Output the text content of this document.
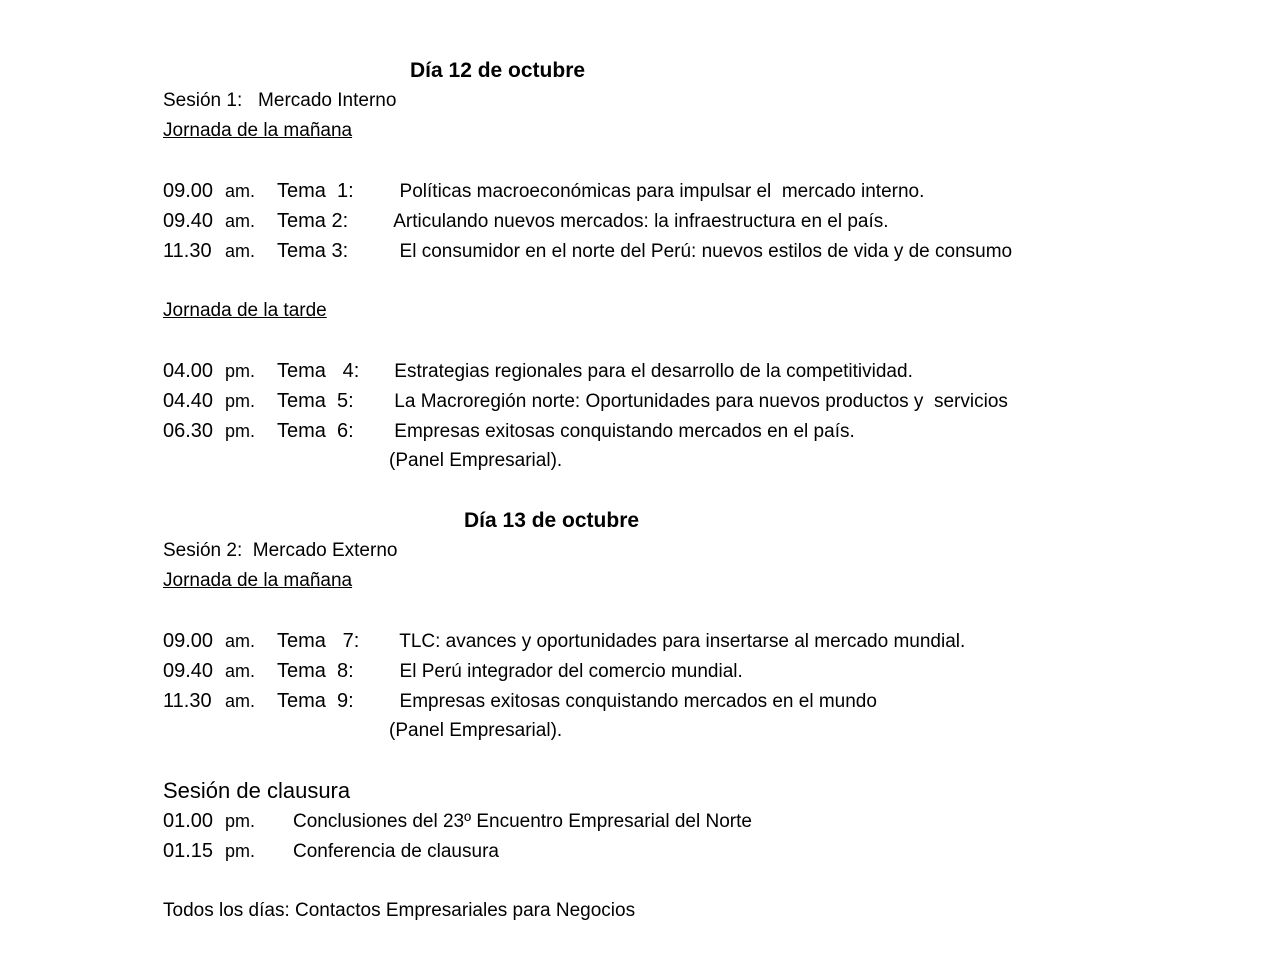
Día 12 de octubre
Sesión 1:   Mercado Interno
Jornada de la mañana
09.00 am. Tema  1:  Políticas macroeconómicas para impulsar el  mercado interno.
09.40 am. Tema 2: Articulando nuevos mercados: la infraestructura en el país.
11.30 am. Tema 3:  El consumidor en el norte del Perú: nuevos estilos de vida y de consumo
Jornada de la tarde
04.00 pm. Tema   4: Estrategias regionales para el desarrollo de la competitividad.
04.40 pm. Tema  5: La Macroregión norte: Oportunidades para nuevos productos y  servicios
06.30 pm. Tema  6: Empresas exitosas conquistando mercados en el país.
(Panel Empresarial).
Día 13 de octubre
Sesión 2:  Mercado Externo
Jornada de la mañana
09.00 am. Tema   7:  TLC: avances y oportunidades para insertarse al mercado mundial.
09.40 am. Tema  8:  El Perú integrador del comercio mundial.
11.30 am. Tema  9:  Empresas exitosas conquistando mercados en el mundo
(Panel Empresarial).
Sesión de clausura
01.00 pm. Conclusiones del 23º Encuentro Empresarial del Norte
01.15 pm. Conferencia de clausura
Todos los días: Contactos Empresariales para Negocios
